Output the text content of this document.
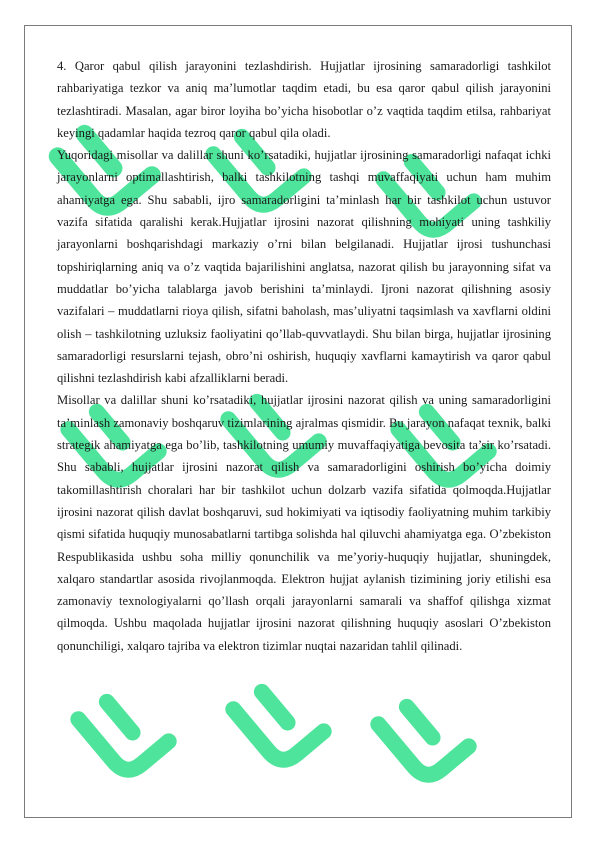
4. Qaror qabul qilish jarayonini tezlashdirish. Hujjatlar ijrosining samaradorligi tashkilot rahbariyatiga tezkor va aniq ma’lumotlar taqdim etadi, bu esa qaror qabul qilish jarayonini tezlashtiradi. Masalan, agar biror loyiha bo’yicha hisobotlar o’z vaqtida taqdim etilsa, rahbariyat keyingi qadamlar haqida tezroq qaror qabul qila oladi.

Yuqoridagi misollar va dalillar shuni ko’rsatadiki, hujjatlar ijrosining samaradorligi nafaqat ichki jarayonlarni optimallashtirish, balki tashkilotning tashqi muvaffaqiyati uchun ham muhim ahamiyatga ega. Shu sababli, ijro samaradorligini ta’minlash har bir tashkilot uchun ustuvor vazifa sifatida qaralishi kerak.Hujjatlar ijrosini nazorat qilishning mohiyati uning tashkiliy jarayonlarni boshqarishdagi markaziy o’rni bilan belgilanadi. Hujjatlar ijrosi tushunchasi topshiriqlarning aniq va o’z vaqtida bajarilishini anglatsa, nazorat qilish bu jarayonning sifat va muddatlar bo’yicha talablarga javob berishini ta’minlaydi. Ijroni nazorat qilishning asosiy vazifalari – muddatlarni rioya qilish, sifatni baholash, mas’uliyatni taqsimlash va xavflarni oldini olish – tashkilotning uzluksiz faoliyatini qo’llab-quvvatlaydi. Shu bilan birga, hujjatlar ijrosining samaradorligi resurslarni tejash, obro’ni oshirish, huquqiy xavflarni kamaytirish va qaror qabul qilishni tezlashdirish kabi afzalliklarni beradi.

Misollar va dalillar shuni ko’rsatadiki, hujjatlar ijrosini nazorat qilish va uning samaradorligini ta’minlash zamonaviy boshqaruv tizimlarining ajralmas qismidir. Bu jarayon nafaqat texnik, balki strategik ahamiyatga ega bo’lib, tashkilotning umumiy muvaffaqiyatiga bevosita ta’sir ko’rsatadi. Shu sababli, hujjatlar ijrosini nazorat qilish va samaradorligini oshirish bo’yicha doimiy takomillashtirish choralari har bir tashkilot uchun dolzarb vazifa sifatida qolmoqda.Hujjatlar ijrosini nazorat qilish davlat boshqaruvi, sud hokimiyati va iqtisodiy faoliyatning muhim tarkibiy qismi sifatida huquqiy munosabatlarni tartibga solishda hal qiluvchi ahamiyatga ega. O’zbekiston Respublikasida ushbu soha milliy qonunchilik va me’yoriy-huquqiy hujjatlar, shuningdek, xalqaro standartlar asosida rivojlanmoqda. Elektron hujjat aylanish tizimining joriy etilishi esa zamonaviy texnologiyalarni qo’llash orqali jarayonlarni samarali va shaffof qilishga xizmat qilmoqda. Ushbu maqolada hujjatlar ijrosini nazorat qilishning huquqiy asoslari O’zbekiston qonunchiligi, xalqaro tajriba va elektron tizimlar nuqtai nazaridan tahlil qilinadi.
